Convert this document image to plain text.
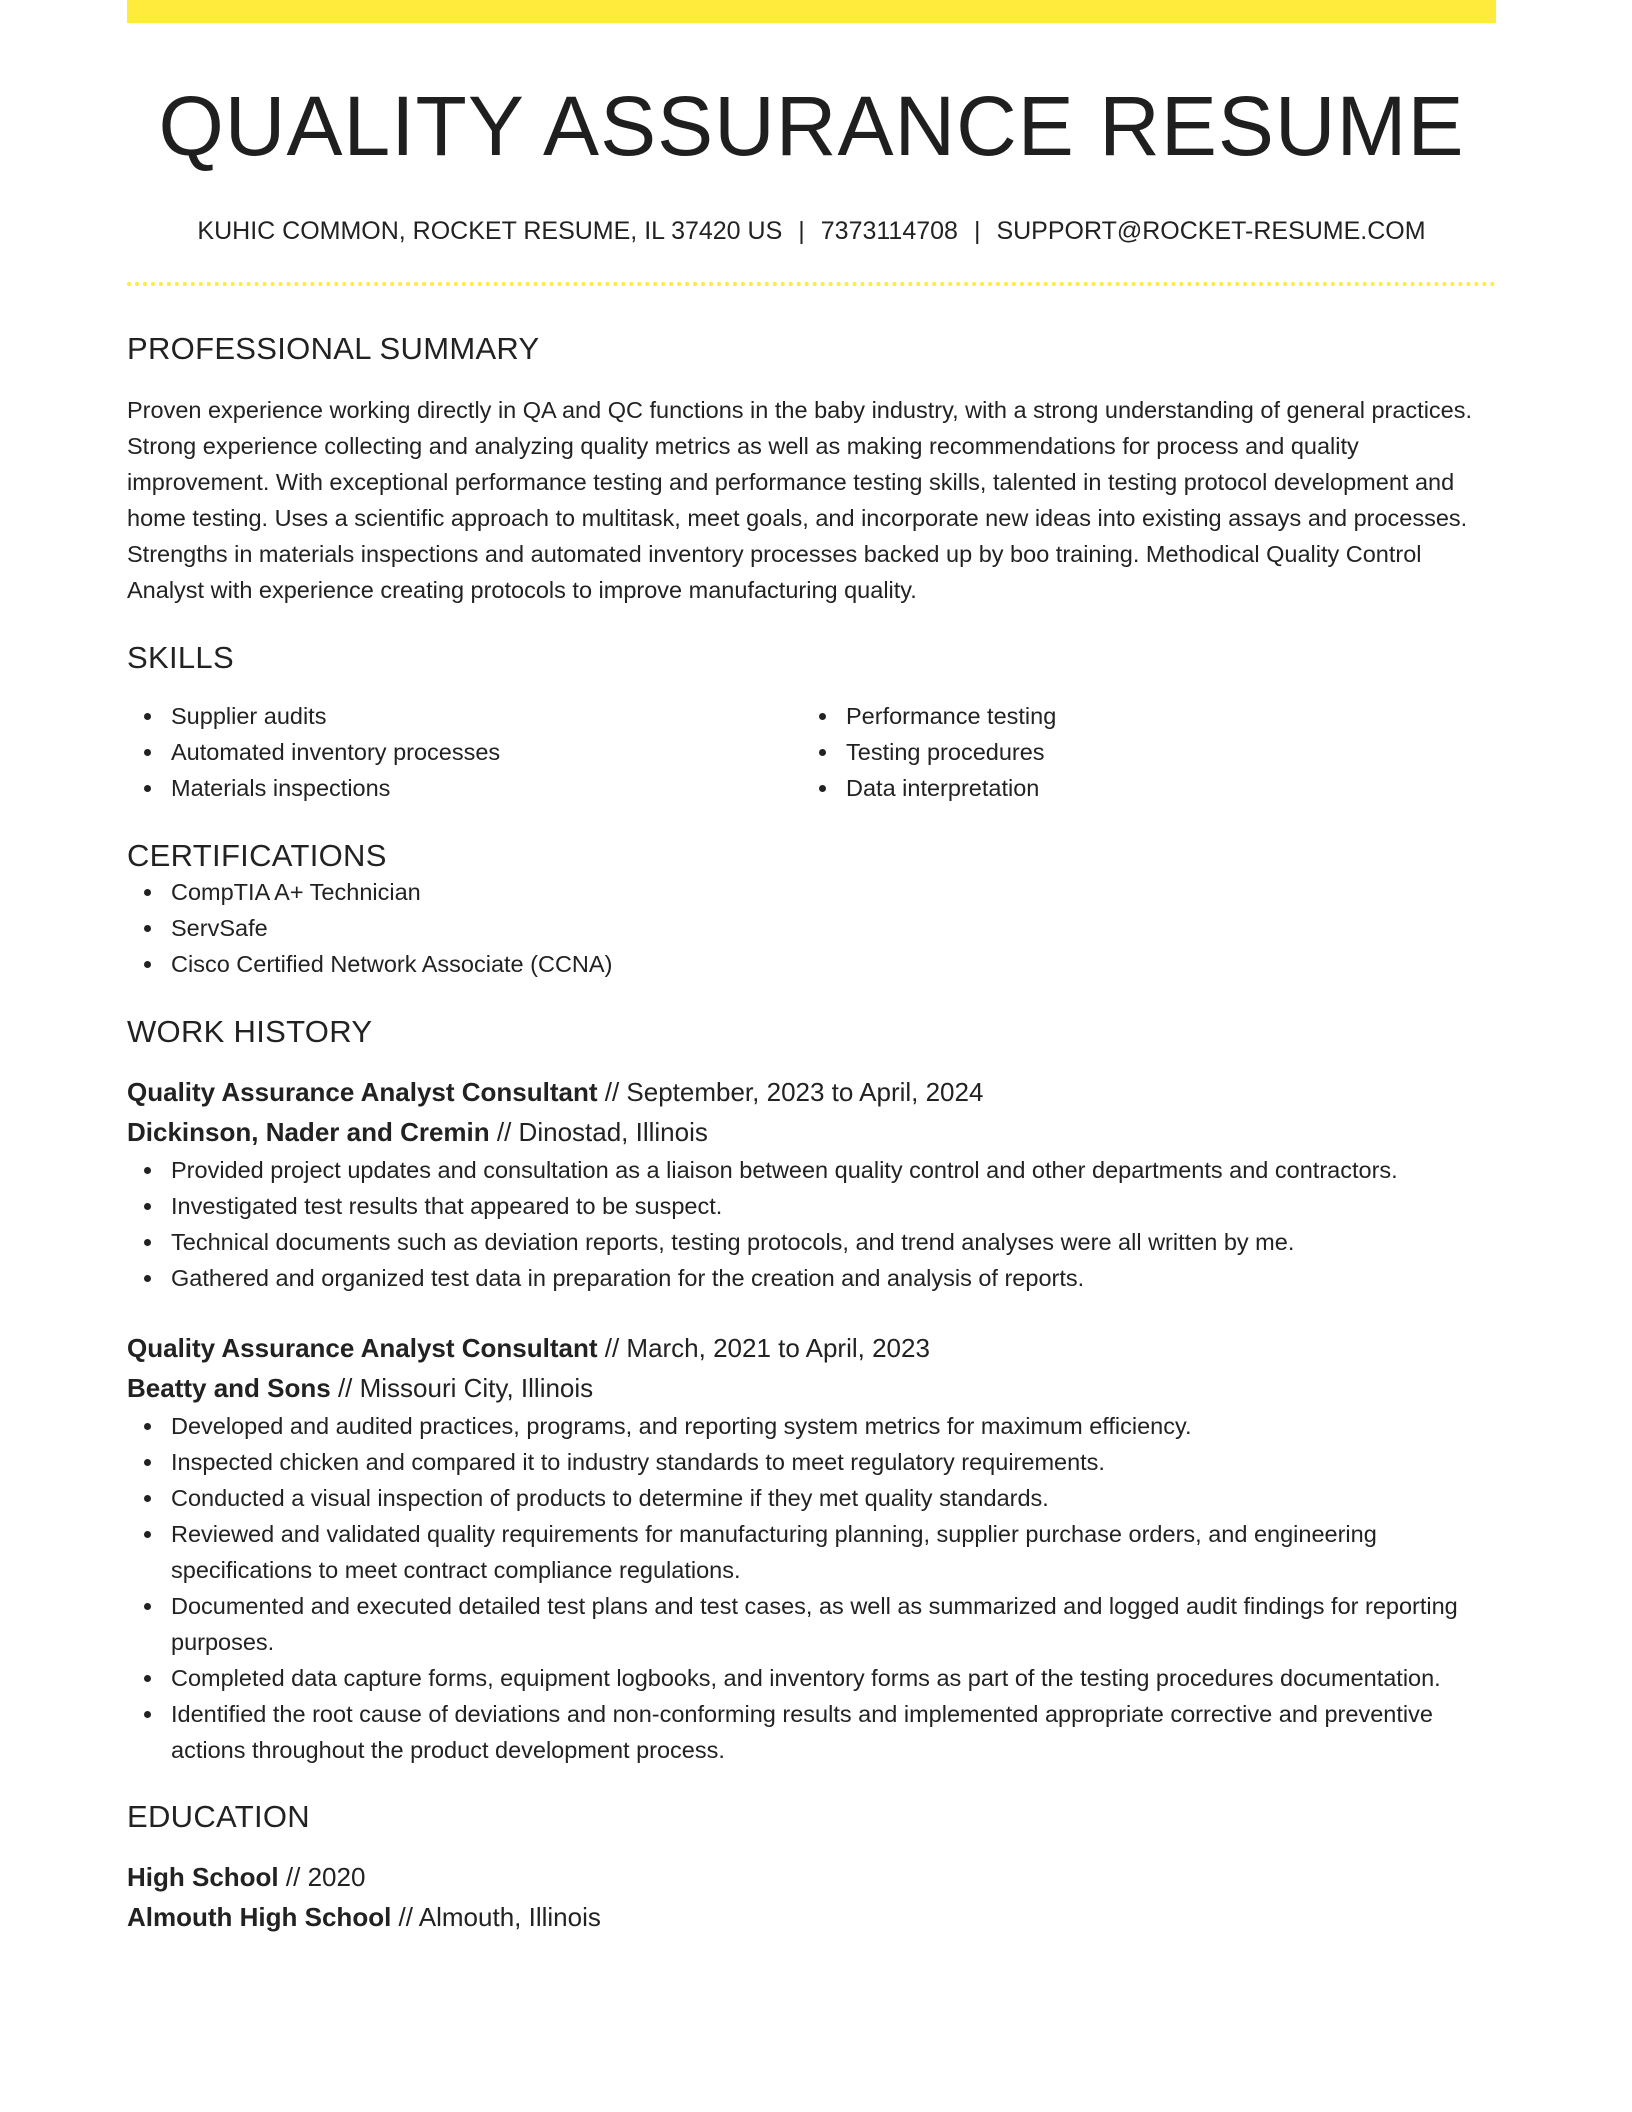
QUALITY ASSURANCE RESUME
KUHIC COMMON, ROCKET RESUME, IL 37420 US | 7373114708 | SUPPORT@ROCKET-RESUME.COM
PROFESSIONAL SUMMARY

Proven experience working directly in QA and QC functions in the baby industry, with a strong understanding of general practices. Strong experience collecting and analyzing quality metrics as well as making recommendations for process and quality improvement. With exceptional performance testing and performance testing skills, talented in testing protocol development and home testing. Uses a scientific approach to multitask, meet goals, and incorporate new ideas into existing assays and processes. Strengths in materials inspections and automated inventory processes backed up by boo training. Methodical Quality Control Analyst with experience creating protocols to improve manufacturing quality.

SKILLS
Supplier audits
Automated inventory processes
Materials inspections
Performance testing
Testing procedures
Data interpretation
CERTIFICATIONS
CompTIA A+ Technician
ServSafe
Cisco Certified Network Associate (CCNA)
WORK HISTORY
Quality Assurance Analyst Consultant // September, 2023 to April, 2024
Dickinson, Nader and Cremin // Dinostad, Illinois
Provided project updates and consultation as a liaison between quality control and other departments and contractors.
Investigated test results that appeared to be suspect.
Technical documents such as deviation reports, testing protocols, and trend analyses were all written by me.
Gathered and organized test data in preparation for the creation and analysis of reports.
Quality Assurance Analyst Consultant // March, 2021 to April, 2023
Beatty and Sons // Missouri City, Illinois
Developed and audited practices, programs, and reporting system metrics for maximum efficiency.
Inspected chicken and compared it to industry standards to meet regulatory requirements.
Conducted a visual inspection of products to determine if they met quality standards.
Reviewed and validated quality requirements for manufacturing planning, supplier purchase orders, and engineering specifications to meet contract compliance regulations.
Documented and executed detailed test plans and test cases, as well as summarized and logged audit findings for reporting purposes.
Completed data capture forms, equipment logbooks, and inventory forms as part of the testing procedures documentation.
Identified the root cause of deviations and non-conforming results and implemented appropriate corrective and preventive actions throughout the product development process.
EDUCATION
High School // 2020
Almouth High School // Almouth, Illinois
